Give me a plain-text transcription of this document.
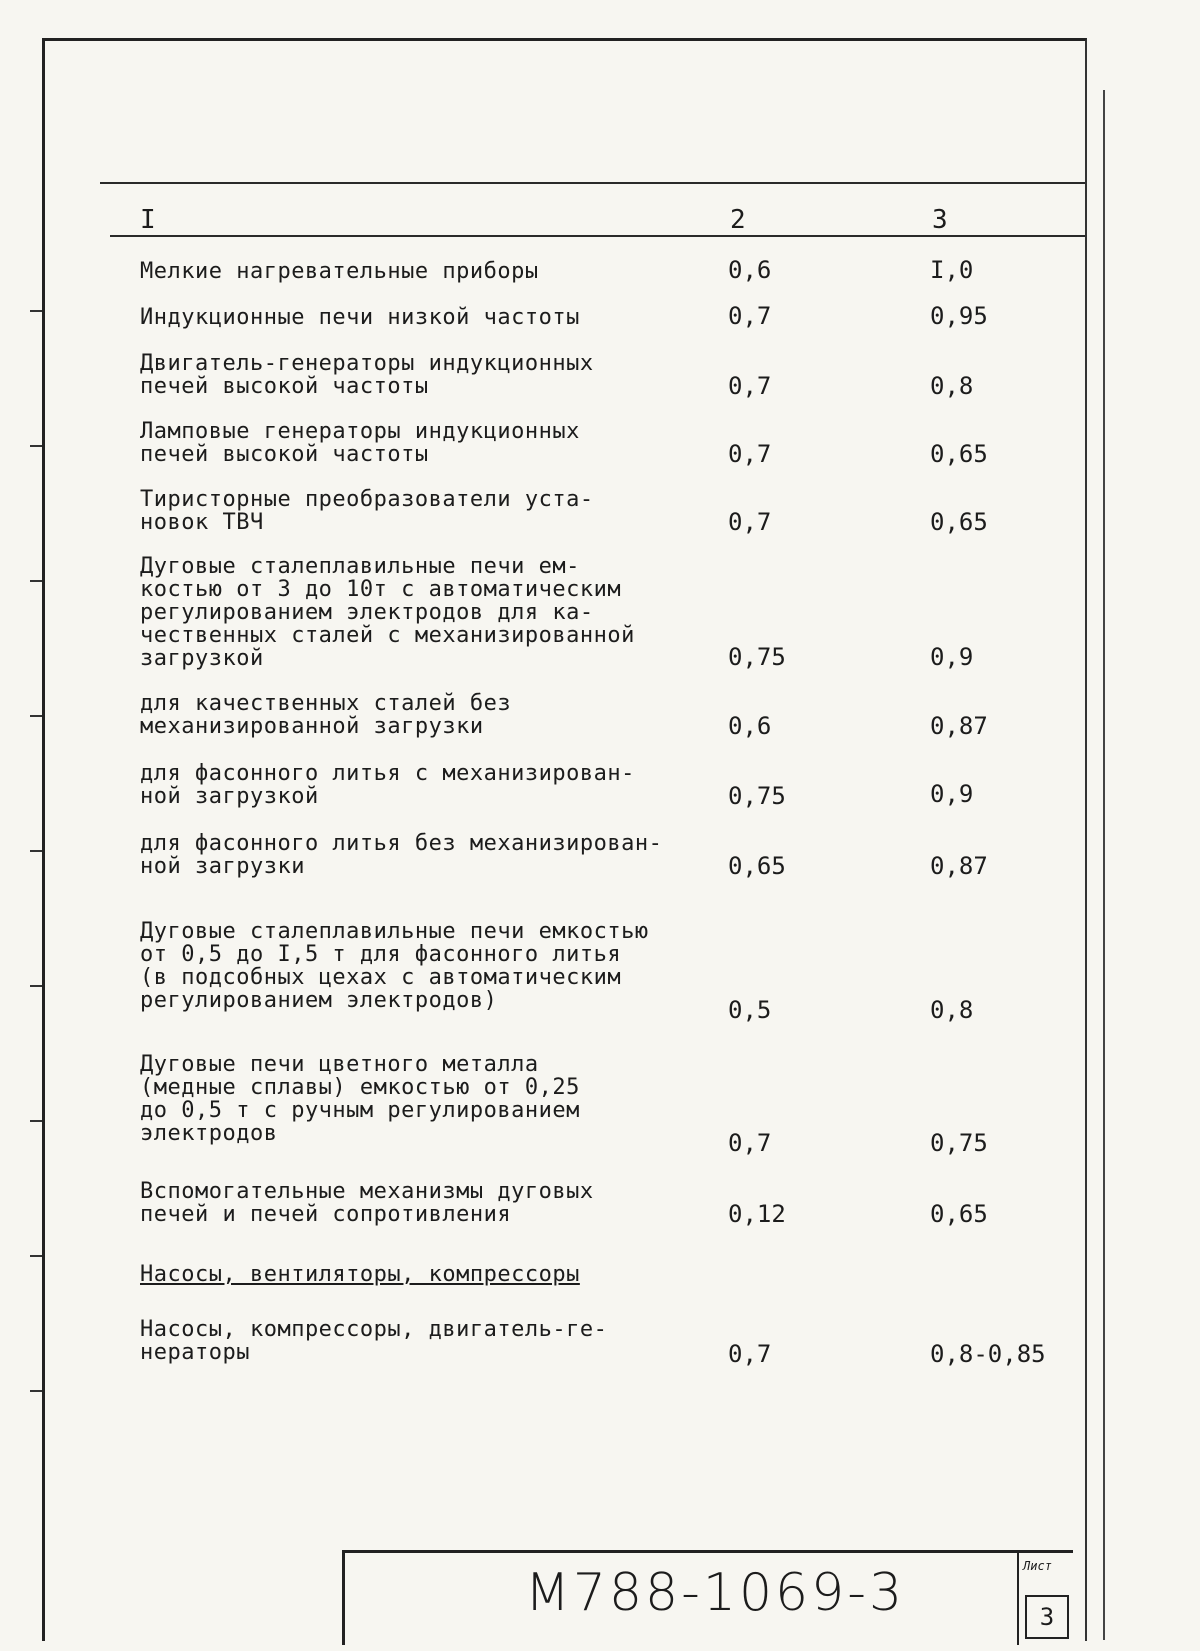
I	2	3
Мелкие нагревательные приборы	0,6	I,0
Индукционные печи низкой частоты	0,7	0,95
Двигатель-генераторы индукционных
печей высокой частоты	0,7	0,8
Ламповые генераторы индукционных
печей высокой частоты	0,7	0,65
Тиристорные преобразователи уста-
новок ТВЧ	0,7	0,65
Дуговые сталеплавильные печи ем-
костью от 3 до 10т с автоматическим
регулированием электродов для ка-
чественных сталей с механизированной
загрузкой	0,75	0,9
для качественных сталей без
механизированной загрузки	0,6	0,87
для фасонного литья с механизирован-
ной загрузкой	0,75	0,9
для фасонного литья без механизирован-
ной загрузки	0,65	0,87
Дуговые сталеплавильные печи емкостью
от 0,5 до I,5 т для фасонного литья
(в подсобных цехах с автоматическим
регулированием электродов)	0,5	0,8
Дуговые печи цветного металла
(медные сплавы) емкостью от 0,25
до 0,5 т с ручным регулированием
электродов	0,7	0,75
Вспомогательные механизмы дуговых
печей и печей сопротивления	0,12	0,65
Насосы, вентиляторы, компрессоры
Насосы, компрессоры, двигатель-ге-
нераторы	0,7	0,8-0,85
М788-1069-3	Лист
3
